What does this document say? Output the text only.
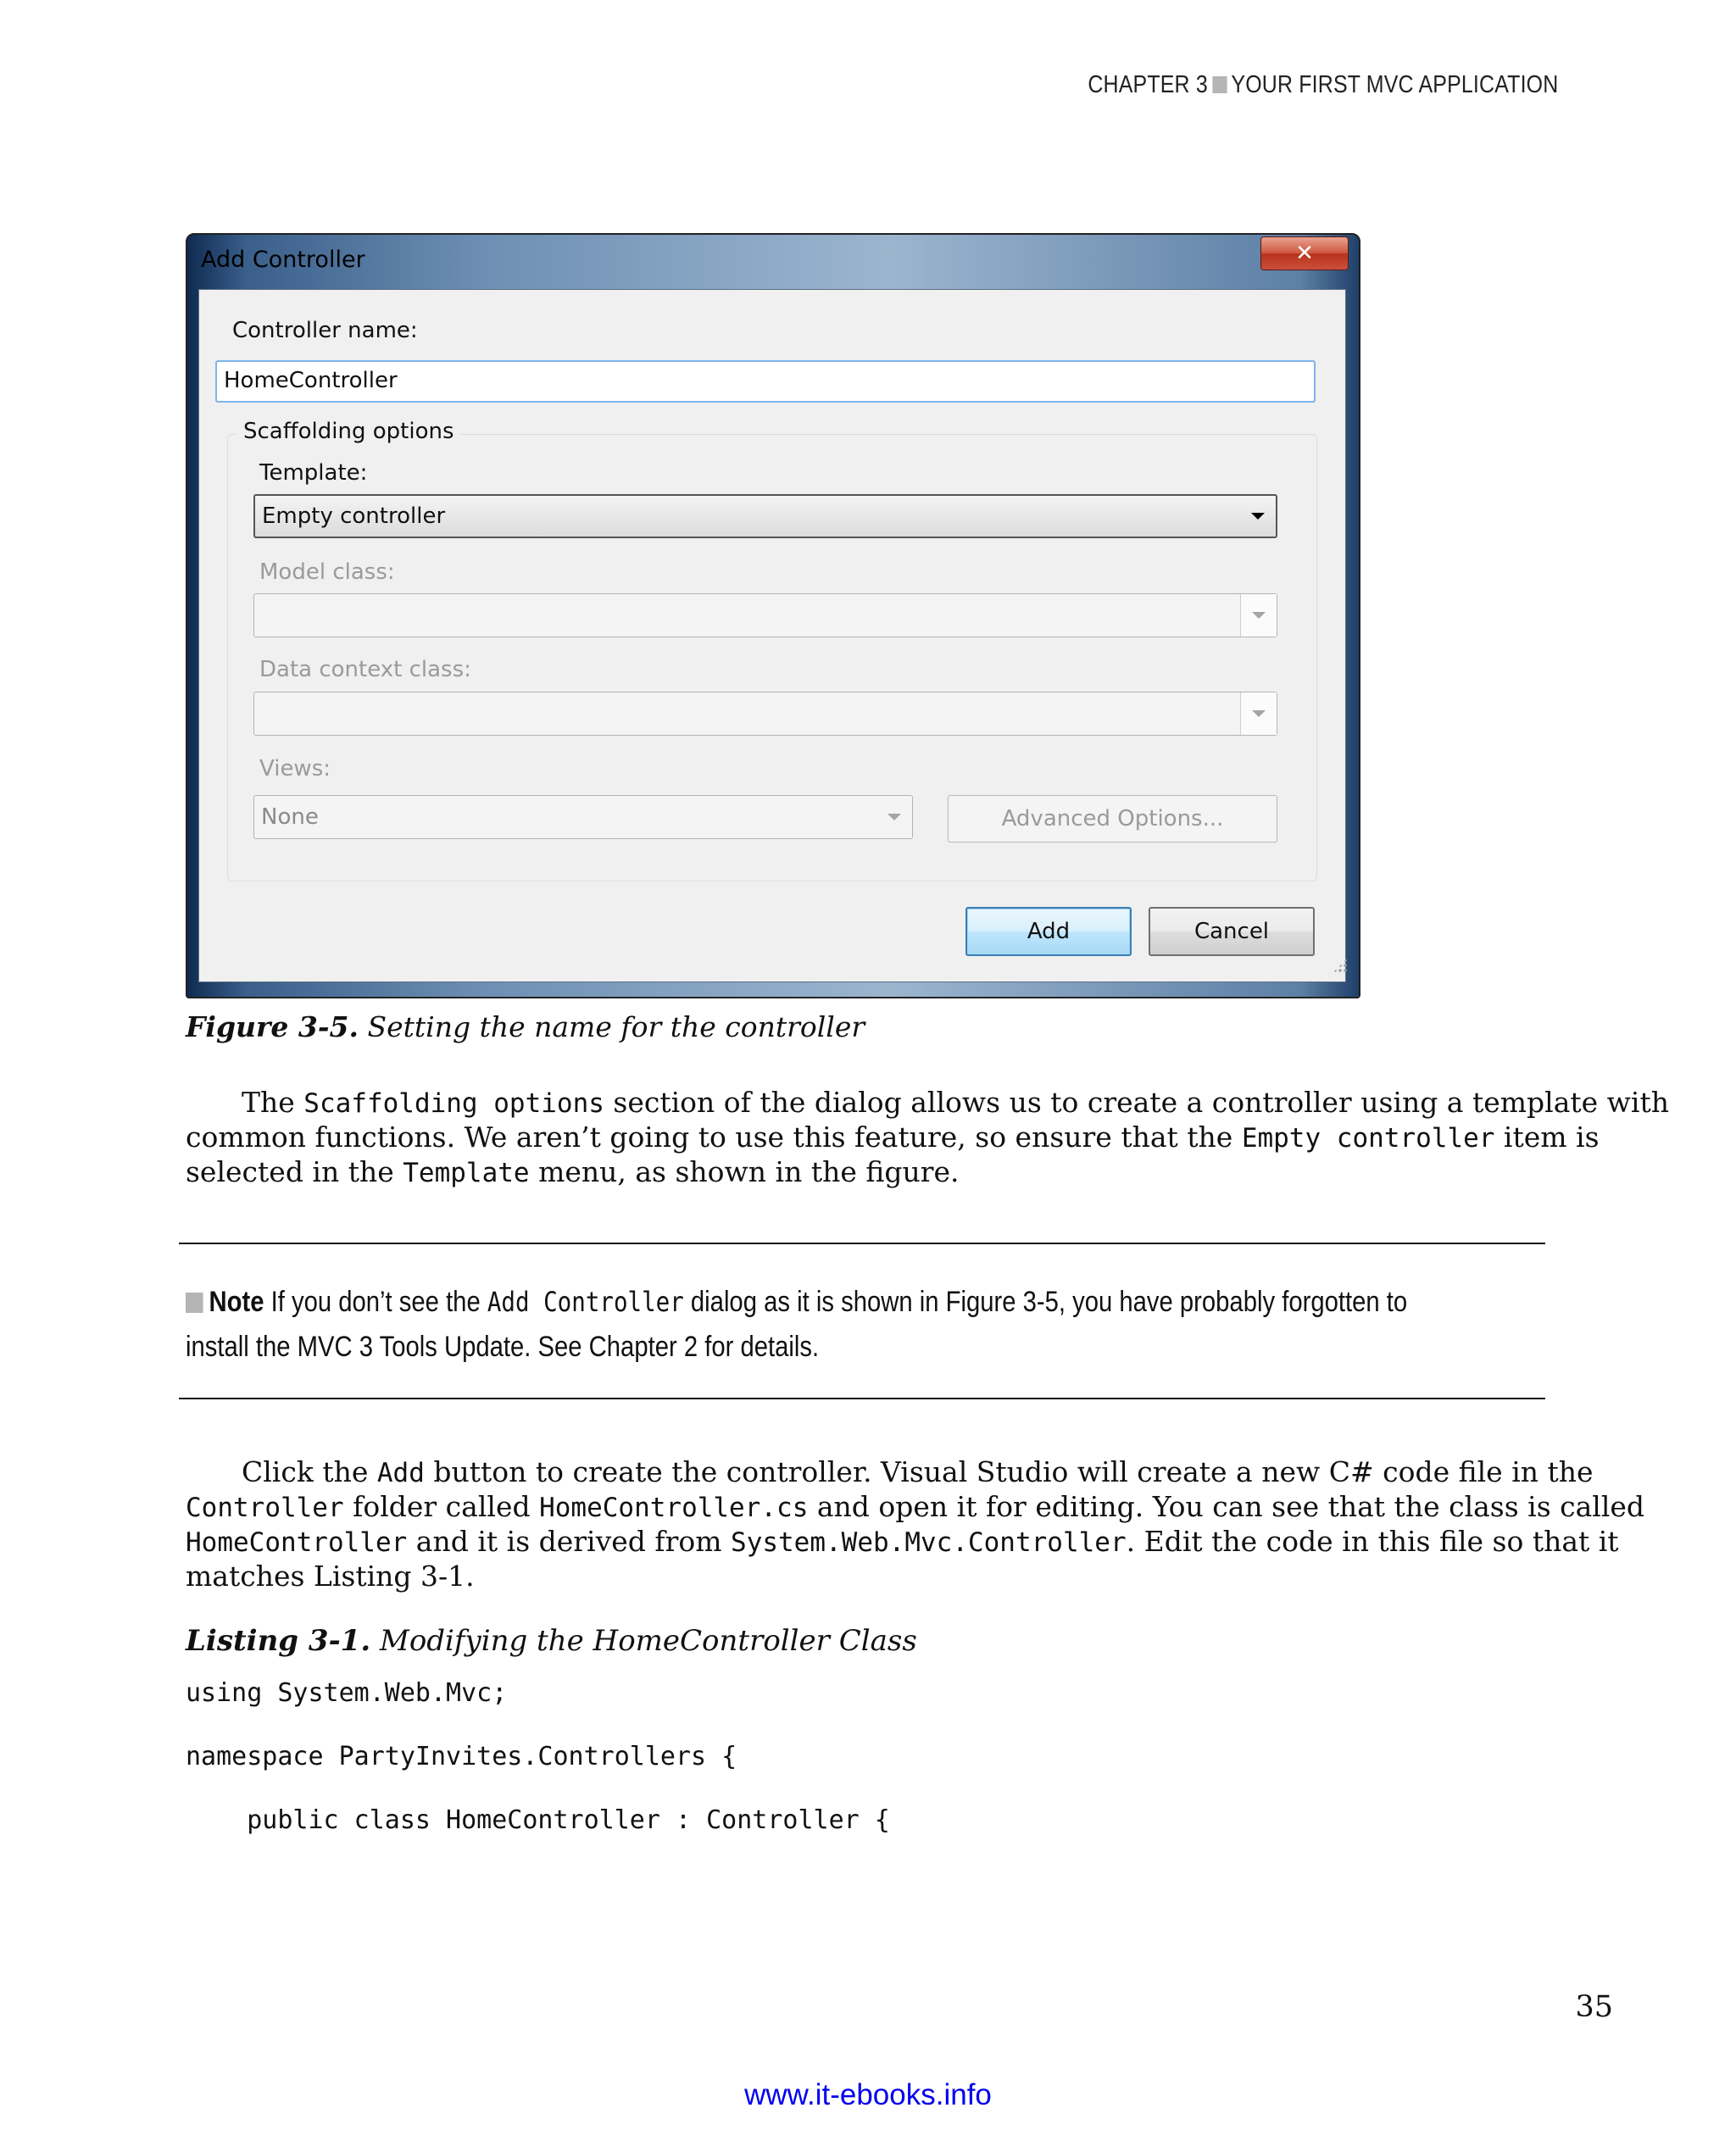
CHAPTER 3 YOUR FIRST MVC APPLICATION
Add Controller	✕
Controller name:
HomeController
Scaffolding options
Template:
Empty controller
Model class:
Data context class:
Views:
None	Advanced Options...
Add	Cancel
Figure 3-5. Setting the name for the controller
The Scaffolding options section of the dialog allows us to create a controller using a template with
common functions. We aren’t going to use this feature, so ensure that the Empty controller item is
selected in the Template menu, as shown in the figure.
Note If you don’t see the Add Controller dialog as it is shown in Figure 3-5, you have probably forgotten to
install the MVC 3 Tools Update. See Chapter 2 for details.
Click the Add button to create the controller. Visual Studio will create a new C# code file in the
Controller folder called HomeController.cs and open it for editing. You can see that the class is called
HomeController and it is derived from System.Web.Mvc.Controller. Edit the code in this file so that it
matches Listing 3-1.
Listing 3-1. Modifying the HomeController Class
using System.Web.Mvc;
namespace PartyInvites.Controllers {
public class HomeController : Controller {
35
www.it-ebooks.info
